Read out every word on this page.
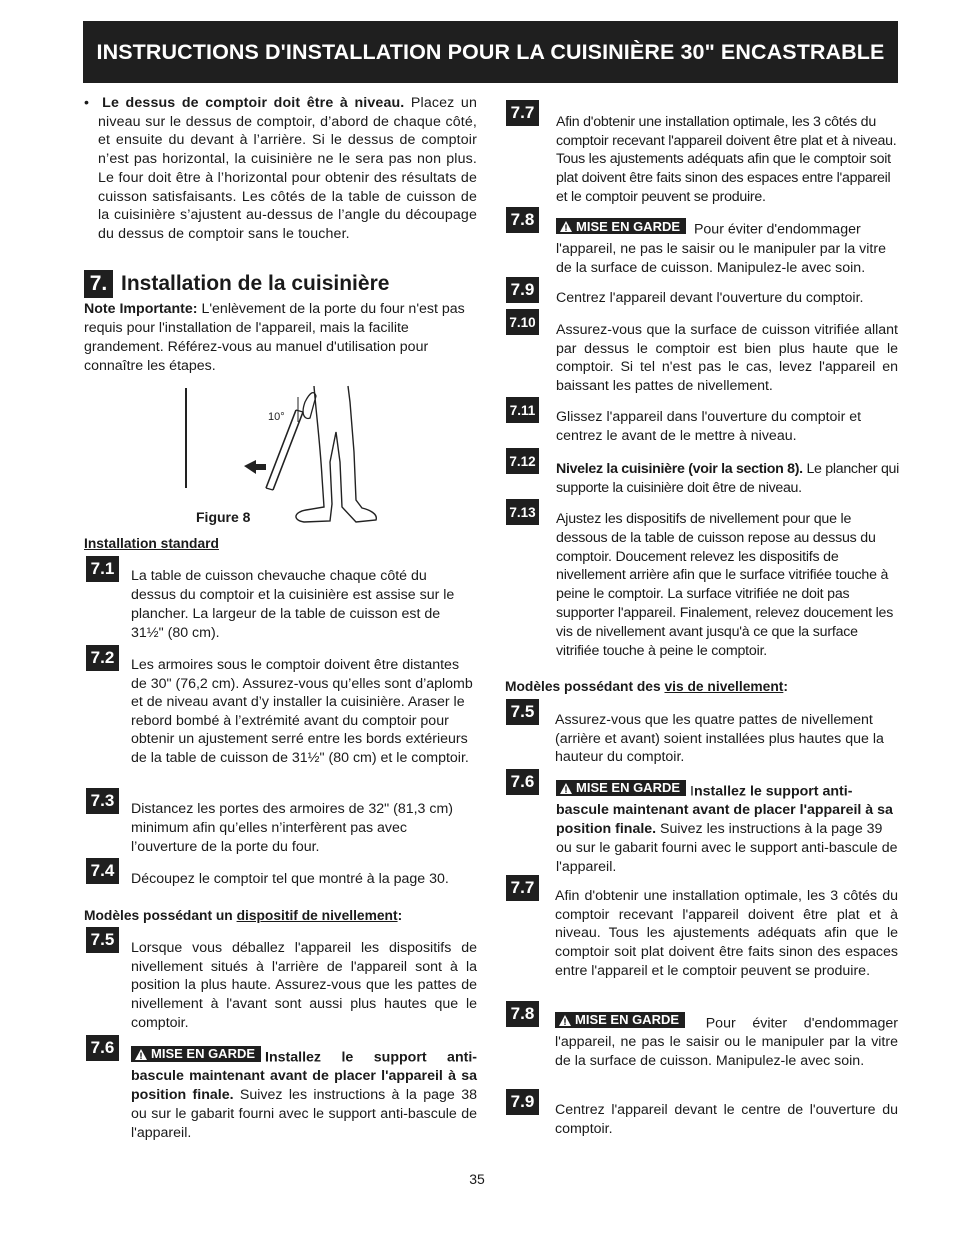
INSTRUCTIONS D'INSTALLATION POUR LA CUISINIÈRE 30" ENCASTRABLE
• Le dessus de comptoir doit être à niveau. Placez un niveau sur le dessus de comptoir, d’abord de chaque côté, et ensuite du devant à l’arrière. Si le dessus de comptoir n’est pas horizontal, la cuisinière ne le sera pas non plus. Le four doit être à l’horizontal pour obtenir des résultats de cuisson satisfaisants. Les côtés de la table de cuisson de la cuisinière s’ajustent au-dessus de l’angle du découpage du dessus de comptoir sans le toucher.
7. Installation de la cuisinière
Note Importante: L'enlèvement de la porte du four n'est pas requis pour l'installation de l'appareil, mais la facilite grandement. Référez-vous au manuel d'utilisation pour connaître les étapes.
10°
Figure 8
Installation standard
7.1	La table de cuisson chevauche chaque côté du dessus du comptoir et la cuisinière est assise sur le plancher. La largeur de la table de cuisson est de 31½" (80 cm).
7.2	Les armoires sous le comptoir doivent être distantes de 30" (76,2 cm). Assurez-vous qu’elles sont d’aplomb et de niveau avant d’y installer la cuisinière. Araser le rebord bombé à l’extrémité avant du comptoir pour obtenir un ajustement serré entre les bords extérieurs de la table de cuisson de 31½" (80 cm) et le comptoir.
7.3	Distancez les portes des armoires de 32" (81,3 cm) minimum afin qu’elles n’interfèrent pas avec l’ouverture de la porte du four.
7.4	Découpez le comptoir tel que montré à la page 30.
Modèles possédant un dispositif de nivellement:
7.5	Lorsque vous déballez l'appareil les dispositifs de nivellement situés à l'arrière de l'appareil sont à la position la plus haute. Assurez-vous que les pattes de nivellement à l'avant sont aussi plus hautes que le comptoir.
7.6	MISE EN GARDE Installez le support anti-bascule maintenant avant de placer l'appareil à sa position finale. Suivez les instructions à la page 38 ou sur le gabarit fourni avec le support anti-bascule de l'appareil.
7.7	Afin d'obtenir une installation optimale, les 3 côtés du comptoir recevant l'appareil doivent être plat et à niveau. Tous les ajustements adéquats afin que le comptoir soit plat doivent être faits sinon des espaces entre l'appareil et le comptoir peuvent se produire.
7.8	MISE EN GARDE Pour éviter d'endommager l'appareil, ne pas le saisir ou le manipuler par la vitre de la surface de cuisson. Manipulez-le avec soin.
7.9	Centrez l'appareil devant l'ouverture du comptoir.
7.10 Assurez-vous que la surface de cuisson vitrifiée allant par dessus le comptoir est bien plus haute que le comptoir. Si tel n'est pas le cas, levez l'appareil en baissant les pattes de nivellement.
7.11 Glissez l'appareil dans l'ouverture du comptoir et centrez le avant de le mettre à niveau.
7.12 Nivelez la cuisinière (voir la section 8). Le plancher qui supporte la cuisinière doit être de niveau.
7.13 Ajustez les dispositifs de nivellement pour que le dessous de la table de cuisson repose au dessus du comptoir. Doucement relevez les dispositifs de nivellement arrière afin que le surface vitrifiée touche à peine le comptoir. La surface vitrifiée ne doit pas supporter l'appareil. Finalement, relevez doucement les vis de nivellement avant jusqu'à ce que la surface vitrifiée touche à peine le comptoir.
Modèles possédant des vis de nivellement:
7.5	Assurez-vous que les quatre pattes de nivellement (arrière et avant) soient installées plus hautes que la hauteur du comptoir.
7.6	MISE EN GARDE Installez le support anti-bascule maintenant avant de placer l'appareil à sa position finale. Suivez les instructions à la page 39 ou sur le gabarit fourni avec le support anti-bascule de l'appareil.
7.7	Afin d'obtenir une installation optimale, les 3 côtés du comptoir recevant l'appareil doivent être plat et à niveau. Tous les ajustements adéquats afin que le comptoir soit plat doivent être faits sinon des espaces entre l'appareil et le comptoir peuvent se produire.
7.8	MISE EN GARDE Pour éviter d'endommager l'appareil, ne pas le saisir ou le manipuler par la vitre de la surface de cuisson. Manipulez-le avec soin.
7.9	Centrez l'appareil devant le centre de l'ouverture du comptoir.
35
